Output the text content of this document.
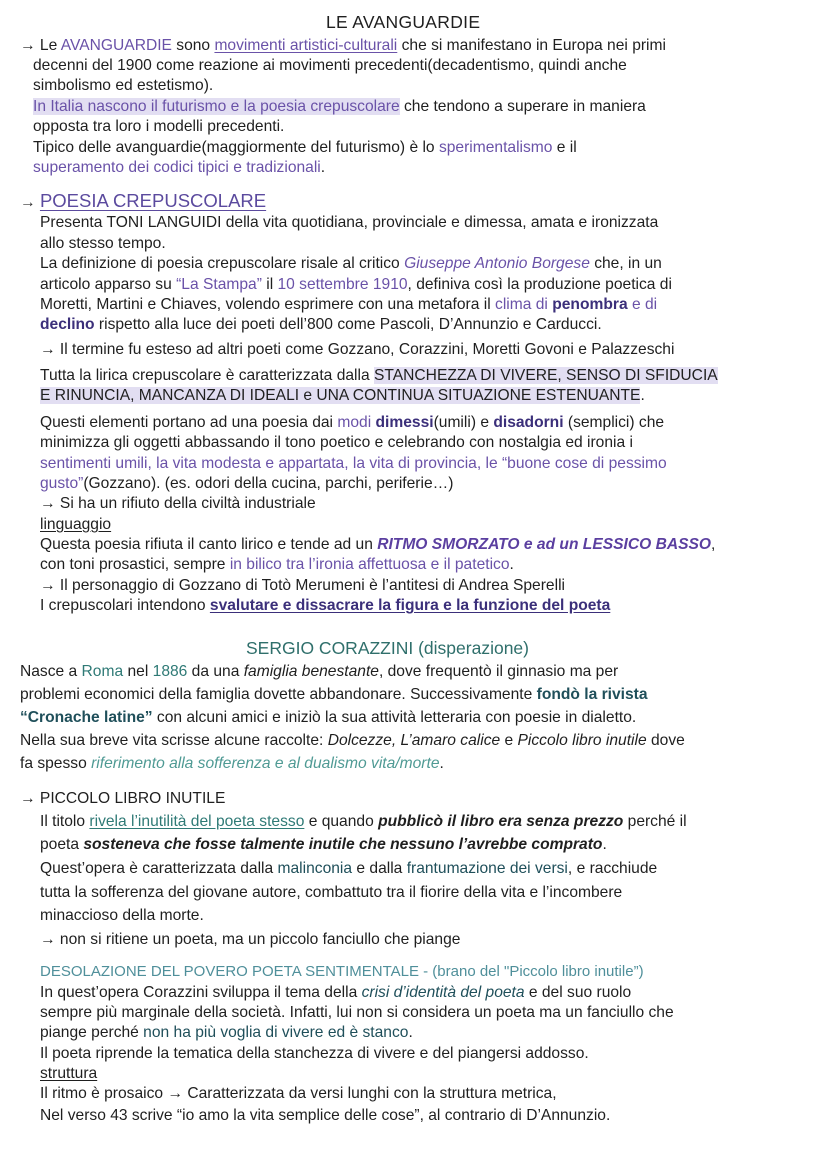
LE AVANGUARDIE
→ Le AVANGUARDIE sono movimenti artistici-culturali che si manifestano in Europa nei primi
decenni del 1900 come reazione ai movimenti precedenti(decadentismo, quindi anche
simbolismo ed estetismo).
In Italia nascono il futurismo e la poesia crepuscolare che tendono a superare in maniera
opposta tra loro i modelli precedenti.
Tipico delle avanguardie(maggiormente del futurismo) è lo sperimentalismo e il
superamento dei codici tipici e tradizionali.
→ POESIA CREPUSCOLARE
Presenta TONI LANGUIDI della vita quotidiana, provinciale e dimessa, amata e ironizzata
allo stesso tempo.
La definizione di poesia crepuscolare risale al critico Giuseppe Antonio Borgese che, in un
articolo apparso su “La Stampa” il 10 settembre 1910, definiva così la produzione poetica di
Moretti, Martini e Chiaves, volendo esprimere con una metafora il clima di penombra e di
declino rispetto alla luce dei poeti dell’800 come Pascoli, D’Annunzio e Carducci.
→ Il termine fu esteso ad altri poeti come Gozzano, Corazzini, Moretti Govoni e Palazzeschi
Tutta la lirica crepuscolare è caratterizzata dalla STANCHEZZA DI VIVERE, SENSO DI SFIDUCIA
E RINUNCIA, MANCANZA DI IDEALI e UNA CONTINUA SITUAZIONE ESTENUANTE.
Questi elementi portano ad una poesia dai modi dimessi(umili) e disadorni (semplici) che
minimizza gli oggetti abbassando il tono poetico e celebrando con nostalgia ed ironia i
sentimenti umili, la vita modesta e appartata, la vita di provincia, le “buone cose di pessimo
gusto”(Gozzano). (es. odori della cucina, parchi, periferie…)
→ Si ha un rifiuto della civiltà industriale
linguaggio
Questa poesia rifiuta il canto lirico e tende ad un RITMO SMORZATO e ad un LESSICO BASSO,
con toni prosastici, sempre in bilico tra l’ironia affettuosa e il patetico.
→ Il personaggio di Gozzano di Totò Merumeni è l’antitesi di Andrea Sperelli
I crepuscolari intendono svalutare e dissacrare la figura e la funzione del poeta
SERGIO CORAZZINI (disperazione)
Nasce a Roma nel 1886 da una famiglia benestante, dove frequentò il ginnasio ma per
problemi economici della famiglia dovette abbandonare. Successivamente fondò la rivista
“Cronache latine” con alcuni amici e iniziò la sua attività letteraria con poesie in dialetto.
Nella sua breve vita scrisse alcune raccolte: Dolcezze, L’amaro calice e Piccolo libro inutile dove
fa spesso riferimento alla sofferenza e al dualismo vita/morte.
→ PICCOLO LIBRO INUTILE
Il titolo rivela l’inutilità del poeta stesso e quando pubblicò il libro era senza prezzo perché il
poeta sosteneva che fosse talmente inutile che nessuno l’avrebbe comprato.
Quest’opera è caratterizzata dalla malinconia e dalla frantumazione dei versi, e racchiude
tutta la sofferenza del giovane autore, combattuto tra il fiorire della vita e l’incombere
minaccioso della morte.
→ non si ritiene un poeta, ma un piccolo fanciullo che piange
DESOLAZIONE DEL POVERO POETA SENTIMENTALE - (brano del "Piccolo libro inutile”)
In quest’opera Corazzini sviluppa il tema della crisi d’identità del poeta e del suo ruolo
sempre più marginale della società. Infatti, lui non si considera un poeta ma un fanciullo che
piange perché non ha più voglia di vivere ed è stanco.
Il poeta riprende la tematica della stanchezza di vivere e del piangersi addosso.
struttura
Il ritmo è prosaico → Caratterizzata da versi lunghi con la struttura metrica,
Nel verso 43 scrive “io amo la vita semplice delle cose”, al contrario di D’Annunzio.
